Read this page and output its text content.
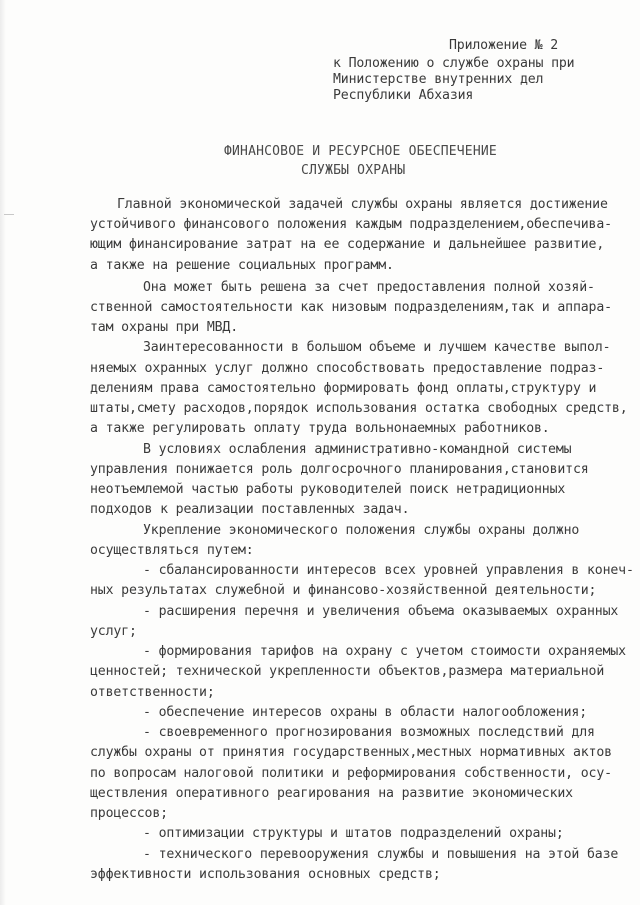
Приложение № 2
к Положению о службе охраны при
Министерстве внутренних дел
Республики Абхазия
ФИНАНСОВОЕ И РЕСУРСНОЕ ОБЕСПЕЧЕНИЕ
СЛУЖБЫ ОХРАНЫ
Главной экономической задачей службы охраны является достижение
устойчивого финансового положения каждым подразделением,обеспечива-
ющим финансирование затрат на ее содержание и дальнейшее развитие,
а также на решение социальных программ.
Она может быть решена за счет предоставления полной хозяй-
ственной самостоятельности как низовым подразделениям,так и аппара-
там охраны при МВД.
Заинтересованности в большом объеме и лучшем качестве выпол-
няемых охранных услуг должно способствовать предоставление подраз-
делениям права самостоятельно формировать фонд оплаты,структуру и
штаты,смету расходов,порядок использования остатка свободных средств,
а также регулировать оплату труда вольнонаемных работников.
В условиях ослабления административно-командной системы
управления понижается роль долгосрочного планирования,становится
неотъемлемой частью работы руководителей поиск нетрадиционных
подходов к реализации поставленных задач.
Укрепление экономического положения службы охраны должно
осуществляться путем:
- сбалансированности интересов всех уровней управления в конеч-
ных результатах служебной и финансово-хозяйственной деятельности;
- расширения перечня и увеличения объема оказываемых охранных
услуг;
- формирования тарифов на охрану с учетом стоимости охраняемых
ценностей; технической укрепленности объектов,размера материальной
ответственности;
- обеспечение интересов охраны в области налогообложения;
- своевременного прогнозирования возможных последствий для
службы охраны от принятия государственных,местных нормативных актов
по вопросам налоговой политики и реформирования собственности, осу-
ществления оперативного реагирования на развитие экономических
процессов;
- оптимизации структуры и штатов подразделений охраны;
- технического перевооружения службы и повышения на этой базе
эффективности использования основных средств;
